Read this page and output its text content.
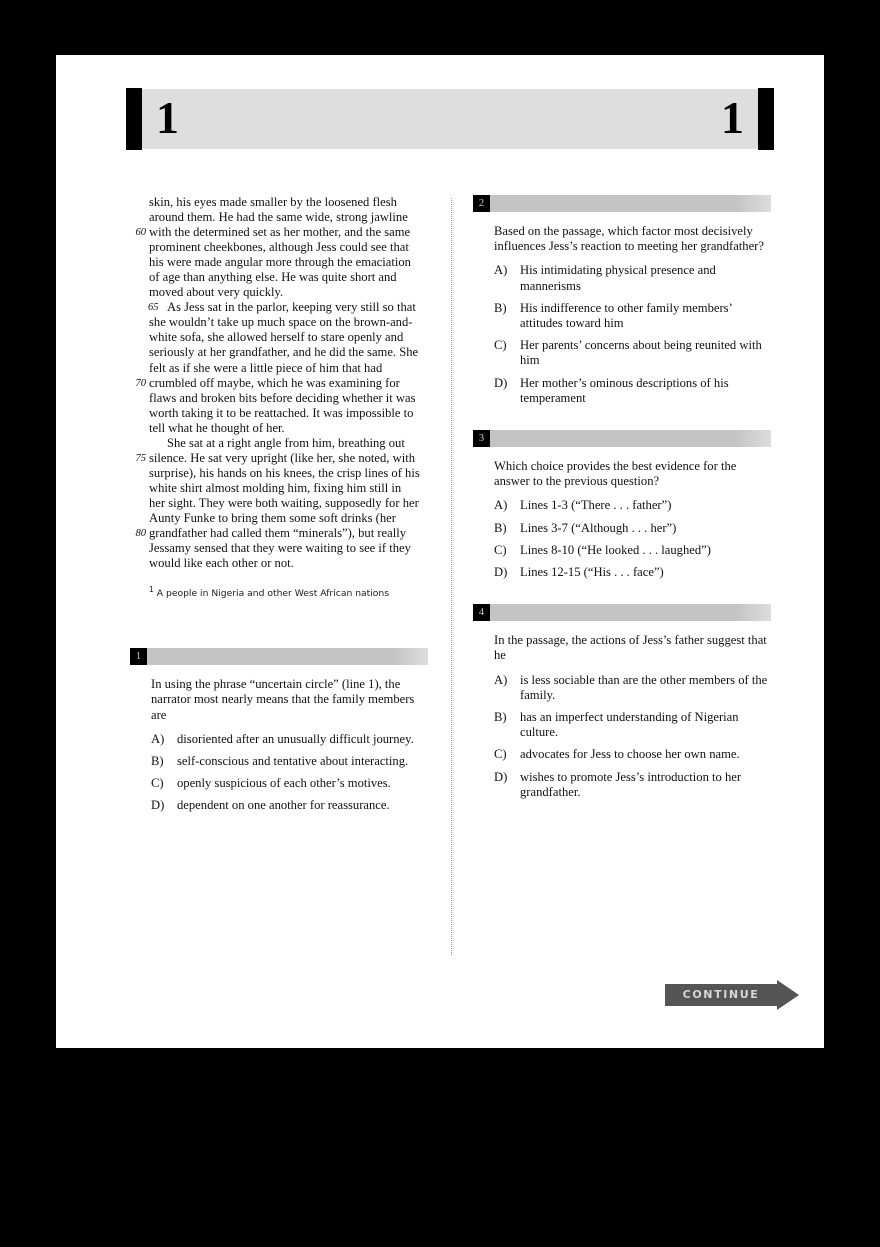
1	1

skin, his eyes made smaller by the loosened flesh

around them. He had the same wide, strong jawline

60 with the determined set as her mother, and the same

prominent cheekbones, although Jess could see that

his were made angular more through the emaciation

of age than anything else. He was quite short and

moved about very quickly.

65 As Jess sat in the parlor, keeping very still so that

she wouldn’t take up much space on the brown-and-

white sofa, she allowed herself to stare openly and

seriously at her grandfather, and he did the same. She

felt as if she were a little piece of him that had

70 crumbled off maybe, which he was examining for

flaws and broken bits before deciding whether it was

worth taking it to be reattached. It was impossible to

tell what he thought of her.

She sat at a right angle from him, breathing out

75 silence. He sat very upright (like her, she noted, with

surprise), his hands on his knees, the crisp lines of his

white shirt almost molding him, fixing him still in

her sight. They were both waiting, supposedly for her

Aunty Funke to bring them some soft drinks (her

80 grandfather had called them “minerals”), but really

Jessamy sensed that they were waiting to see if they

would like each other or not.

$^1$ A people in Nigeria and other West African nations
1

In using the phrase “uncertain circle” (line 1), the narrator most nearly means that the family members are

A) disoriented after an unusually difficult journey.
B) self-conscious and tentative about interacting.
C) openly suspicious of each other’s motives.
D) dependent on one another for reassurance.
2

Based on the passage, which factor most decisively influences Jess’s reaction to meeting her grandfather?

A) His intimidating physical presence and mannerisms
B) His indifference to other family members’ attitudes toward him
C) Her parents’ concerns about being reunited with him
D) Her mother’s ominous descriptions of his temperament
3

Which choice provides the best evidence for the answer to the previous question?

A) Lines 1-3 (“There . . . father”)
B) Lines 3-7 (“Although . . . her”)
C) Lines 8-10 (“He looked . . . laughed”)
D) Lines 12-15 (“His . . . face”)
4

In the passage, the actions of Jess’s father suggest that he

A) is less sociable than are the other members of the family.
B) has an imperfect understanding of Nigerian culture.
C) advocates for Jess to choose her own name.
D) wishes to promote Jess’s introduction to her grandfather.
CONTINUE
